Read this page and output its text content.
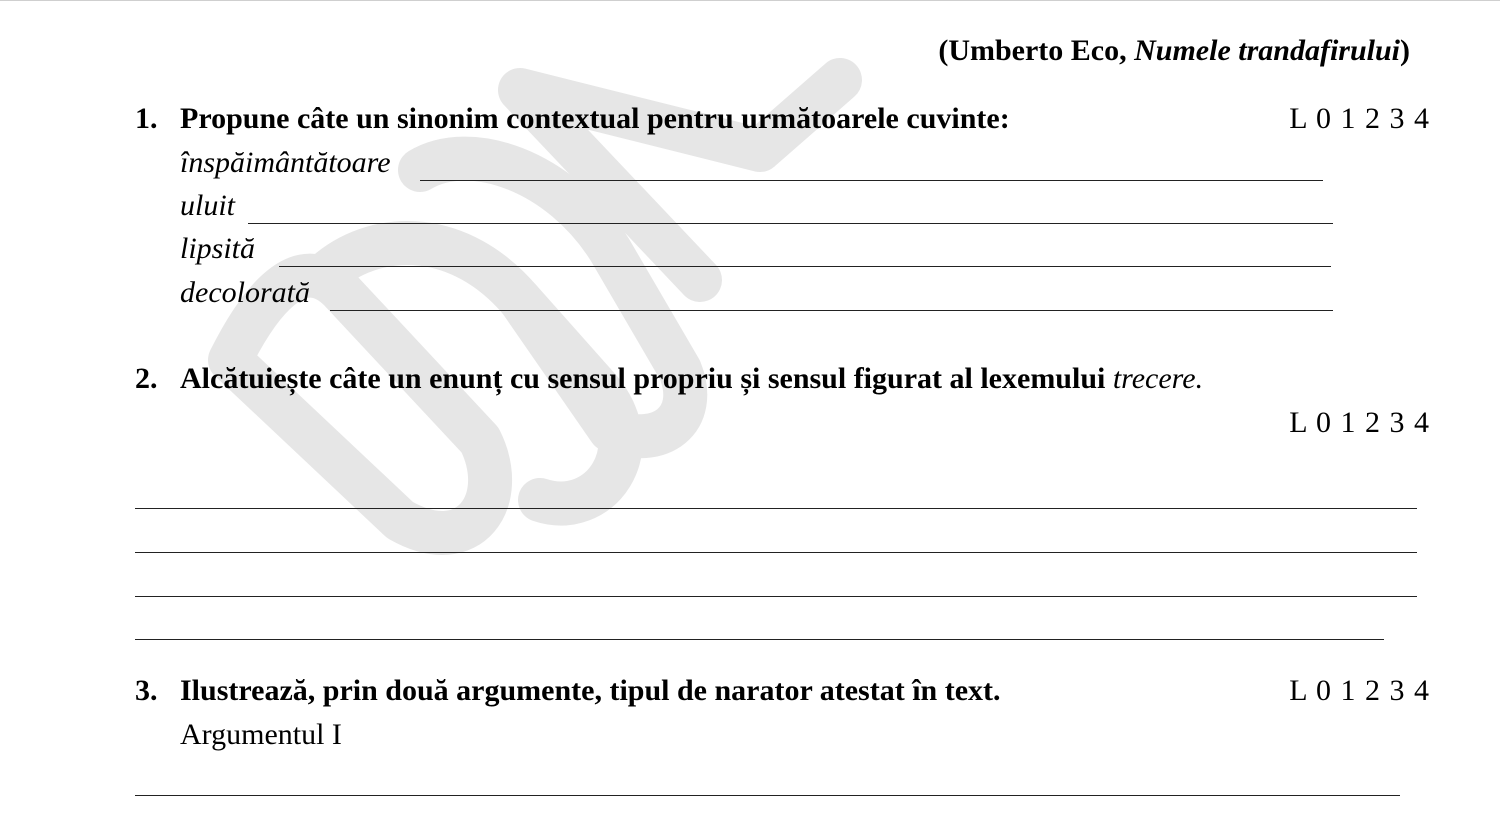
(Umberto Eco, Numele trandafirului)
1. Propune câte un sinonim contextual pentru următoarele cuvinte:	L 0 1 2 3 4
înspăimântătoare
uluit
lipsită
decolorată
2. Alcătuiește câte un enunț cu sensul propriu și sensul figurat al lexemului trecere.
L 0 1 2 3 4
3. Ilustrează, prin două argumente, tipul de narator atestat în text.	L 0 1 2 3 4
Argumentul I
